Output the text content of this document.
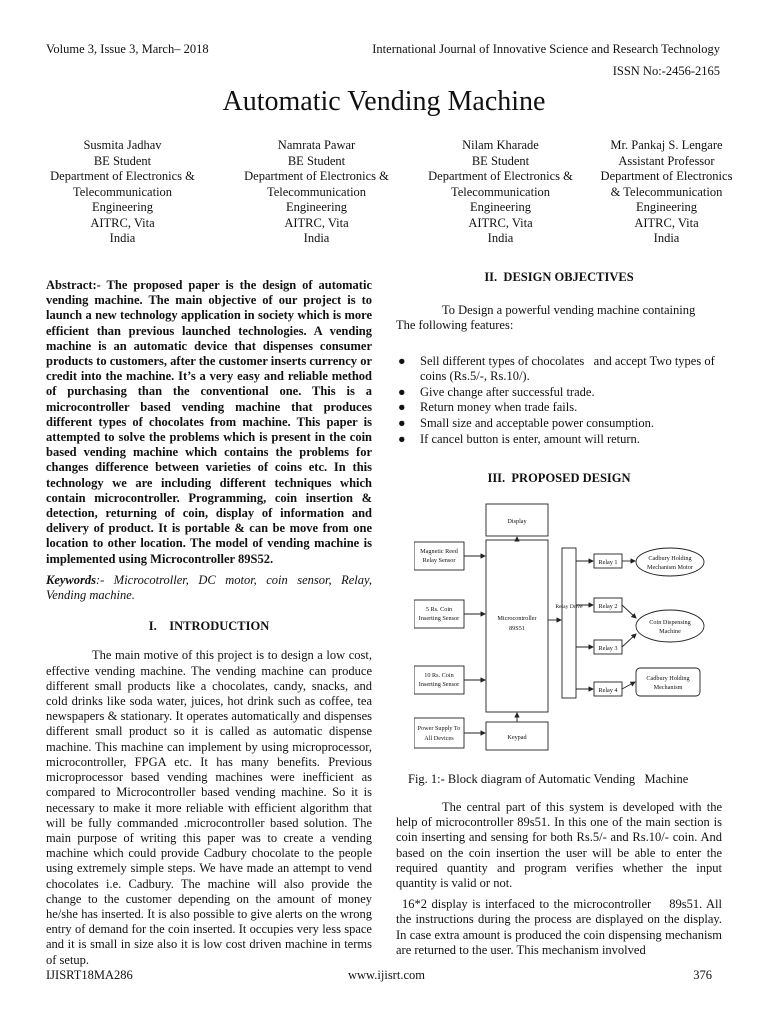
Volume 3, Issue 3, March– 2018	International Journal of Innovative Science and Research Technology
ISSN No:-2456-2165
Automatic Vending Machine
Susmita Jadhav
BE Student
Department of Electronics &
Telecommunication
Engineering
AITRC, Vita
India
Namrata Pawar
BE Student
Department of Electronics &
Telecommunication
Engineering
AITRC, Vita
India
Nilam Kharade
BE Student
Department of Electronics &
Telecommunication
Engineering
AITRC, Vita
India
Mr. Pankaj S. Lengare
Assistant Professor
Department of Electronics
& Telecommunication
Engineering
AITRC, Vita
India

Abstract:- The proposed paper is the design of automatic vending machine. The main objective of our project is to launch a new technology application in society which is more efficient than previous launched technologies. A vending machine is an automatic device that dispenses consumer products to customers, after the customer inserts currency or credit into the machine. It’s a very easy and reliable method of purchasing than the conventional one. This is a microcontroller based vending machine that produces different types of chocolates from machine. This paper is attempted to solve the problems which is present in the coin based vending machine which contains the problems for changes difference between varieties of coins etc. In this technology we are including different techniques which contain microcontroller. Programming, coin insertion & detection, returning of coin, display of information and delivery of product. It is portable & can be move from one location to other location. The model of vending machine is implemented using Microcontroller 89S52.

Keywords:- Microcotroller, DC motor, coin sensor, Relay, Vending machine.

I.    INTRODUCTION

The main motive of this project is to design a low cost, effective vending machine. The vending machine can produce different small products like a chocolates, candy, snacks, and cold drinks like soda water, juices, hot drink such as coffee, tea newspapers & stationary. It operates automatically and dispenses different small product so it is called as automatic dispense machine. This machine can implement by using microprocessor, microcontroller, FPGA etc. It has many benefits. Previous microprocessor based vending machines were inefficient as compared to Microcontroller based vending machine. So it is necessary to make it more reliable with efficient algorithm that will be fully commanded .microcontroller based solution. The main purpose of writing this paper was to create a vending machine which could provide Cadbury chocolate to the people using extremely simple steps. We have made an attempt to vend chocolates i.e. Cadbury. The machine will also provide the change to the customer depending on the amount of money he/she has inserted. It is also possible to give alerts on the wrong entry of demand for the coin inserted. It occupies very less space and it is small in size also it is low cost driven machine in terms of setup.

II.  DESIGN OBJECTIVES
To Design a powerful vending machine containing
The following features:
● Sell different types of chocolates   and accept Two types of coins (Rs.5/-, Rs.10/).
● Give change after successful trade.
● Return money when trade fails.
● Small size and acceptable power consumption.
● If cancel button is enter, amount will return.
III.  PROPOSED DESIGN
Display
Magnetic Reed
Relay Sensor
5 Rs. Coin
Inserting Sensor
10 Rs. Coin
Inserting Sensor
Power Supply To
All Devices
Microcontroller
89S51
Keypad
Relay Drive
Relay 1
Relay 2
Relay 3
Relay 4
Cadbury Holding
Mechanism Motor
Coin Dispensing
Machine
Cadbury Holding
Mechanism
Fig. 1:- Block diagram of Automatic Vending   Machine

The central part of this system is developed with the help of microcontroller 89s51. In this one of the main section is coin inserting and sensing for both Rs.5/- and Rs.10/- coin. And based on the coin insertion the user will be able to enter the required quantity and program verifies whether the input quantity is valid or not.

16*2 display is interfaced to the microcontroller    89s51. All the instructions during the process are displayed on the display. In case extra amount is produced the coin dispensing mechanism are returned to the user. This mechanism involved

IJISRT18MA286	www.ijisrt.com	376
